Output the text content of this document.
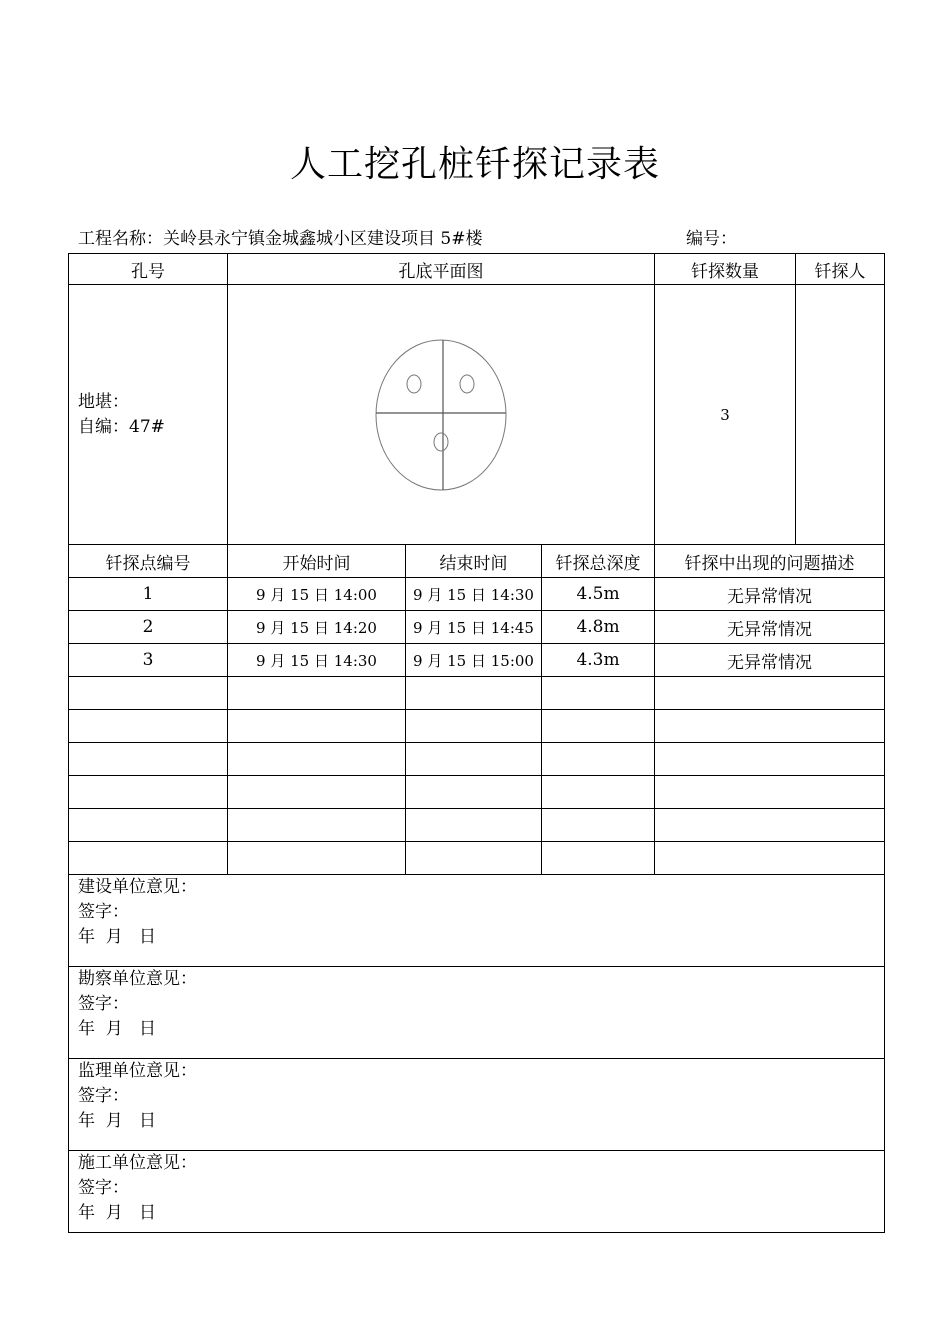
人工挖孔桩钎探记录表
工程名称：关岭县永宁镇金城鑫城小区建设项目 5#楼	编号：
孔号	孔底平面图			钎探数量	钎探人

地堪：
自编：47#				3	
钎探点编号	开始时间	结束时间	钎探总深度	钎探中出现的问题描述	
1	9 月 15 日 14:00	9 月 15 日 14:30	4.5m	无异常情况	
2	9 月 15 日 14:20	9 月 15 日 14:45	4.8m	无异常情况	
3	9 月 15 日 14:30	9 月 15 日 15:00	4.3m	无异常情况	

建设单位意见：
签字：
年  月   日					

勘察单位意见：
签字：
年  月   日					

监理单位意见：
签字：
年  月   日					

施工单位意见：
签字：
年  月   日					
